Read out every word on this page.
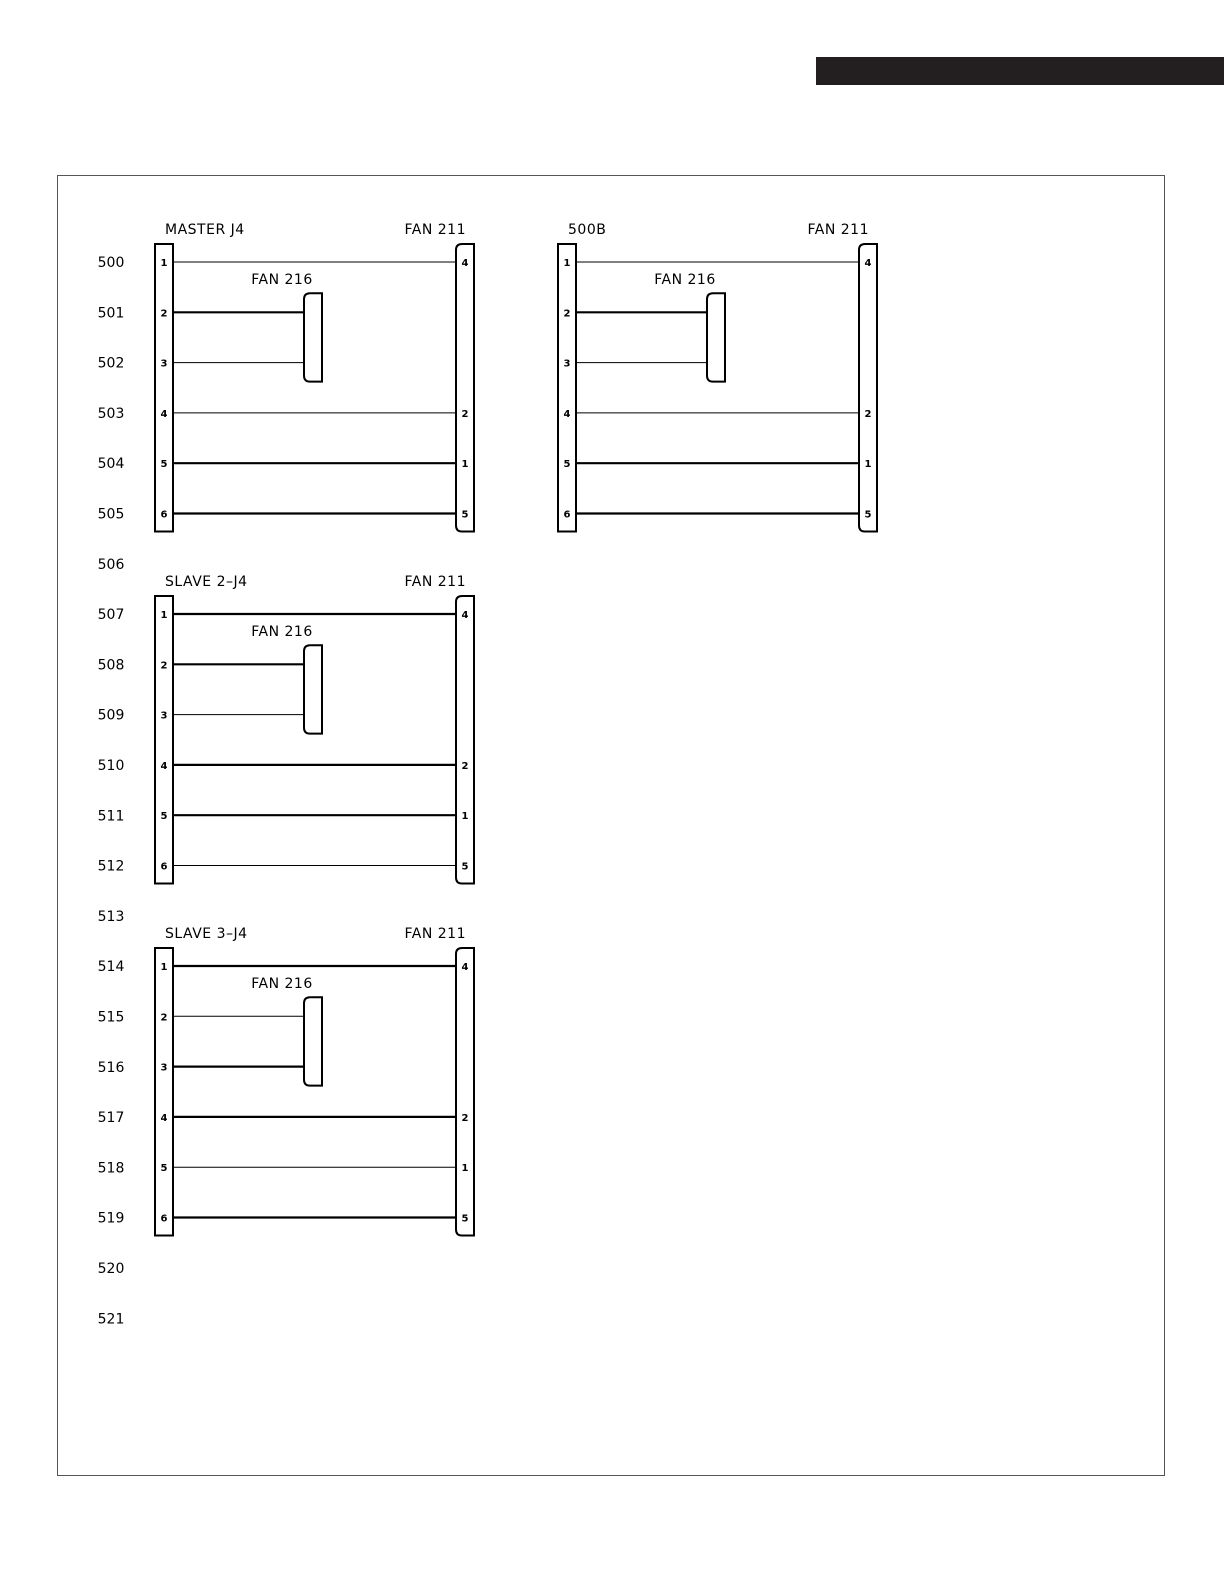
500
501
502
503
504
505
506
507
508
509
510
511
512
513
514
515
516
517
518
519
520
521
MASTER J4	FAN 211
FAN 216
1	4
2
3
4	2
5	1
6	5
500B	FAN 211
FAN 216
1	4
2
3
4	2
5	1
6	5
SLAVE 2–J4	FAN 211
FAN 216
1	4
2
3
4	2
5	1
6	5
SLAVE 3–J4	FAN 211
FAN 216
1	4
2
3
4	2
5	1
6	5
